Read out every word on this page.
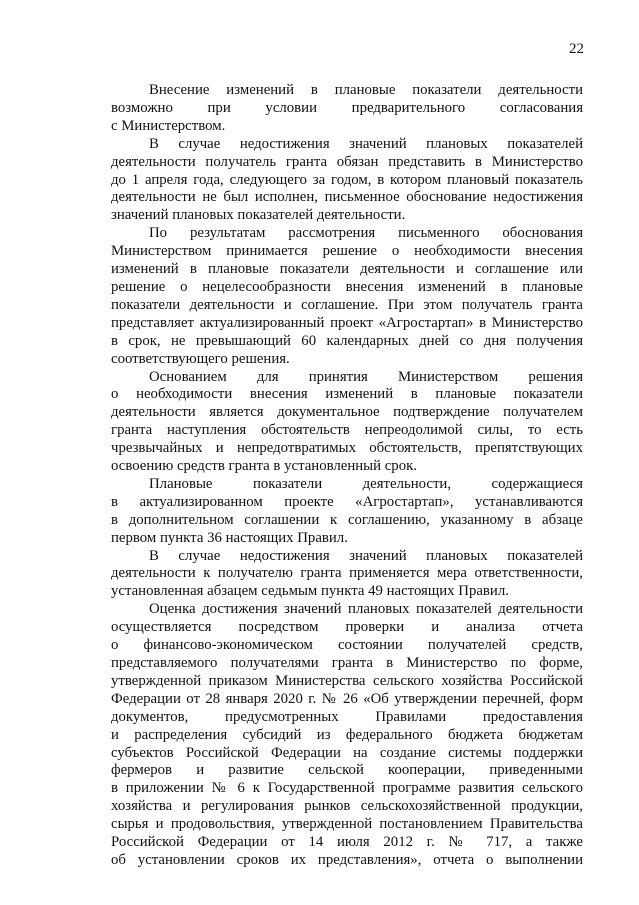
22
Внесение изменений в плановые показатели деятельности
возможно при условии предварительного согласования
с Министерством.
В случае недостижения значений плановых показателей
деятельности получатель гранта обязан представить в Министерство
до 1 апреля года, следующего за годом, в котором плановый показатель
деятельности не был исполнен, письменное обоснование недостижения
значений плановых показателей деятельности.
По результатам рассмотрения письменного обоснования
Министерством принимается решение о необходимости внесения
изменений в плановые показатели деятельности и соглашение или
решение о нецелесообразности внесения изменений в плановые
показатели деятельности и соглашение. При этом получатель гранта
представляет актуализированный проект «Агростартап» в Министерство
в срок, не превышающий 60 календарных дней со дня получения
соответствующего решения.
Основанием для принятия Министерством решения
о необходимости внесения изменений в плановые показатели
деятельности является документальное подтверждение получателем
гранта наступления обстоятельств непреодолимой силы, то есть
чрезвычайных и непредотвратимых обстоятельств, препятствующих
освоению средств гранта в установленный срок.
Плановые показатели деятельности, содержащиеся
в актуализированном проекте «Агростартап», устанавливаются
в дополнительном соглашении к соглашению, указанному в абзаце
первом пункта 36 настоящих Правил.
В случае недостижения значений плановых показателей
деятельности к получателю гранта применяется мера ответственности,
установленная абзацем седьмым пункта 49 настоящих Правил.
Оценка достижения значений плановых показателей деятельности
осуществляется посредством проверки и анализа отчета
о финансово-экономическом состоянии получателей средств,
представляемого получателями гранта в Министерство по форме,
утвержденной приказом Министерства сельского хозяйства Российской
Федерации от 28 января 2020 г. № 26 «Об утверждении перечней, форм
документов, предусмотренных Правилами предоставления
и распределения субсидий из федерального бюджета бюджетам
субъектов Российской Федерации на создание системы поддержки
фермеров и развитие сельской кооперации, приведенными
в приложении № 6 к Государственной программе развития сельского
хозяйства и регулирования рынков сельскохозяйственной продукции,
сырья и продовольствия, утвержденной постановлением Правительства
Российской Федерации от 14 июля 2012 г. № 717, а также
об установлении сроков их представления», отчета о выполнении
